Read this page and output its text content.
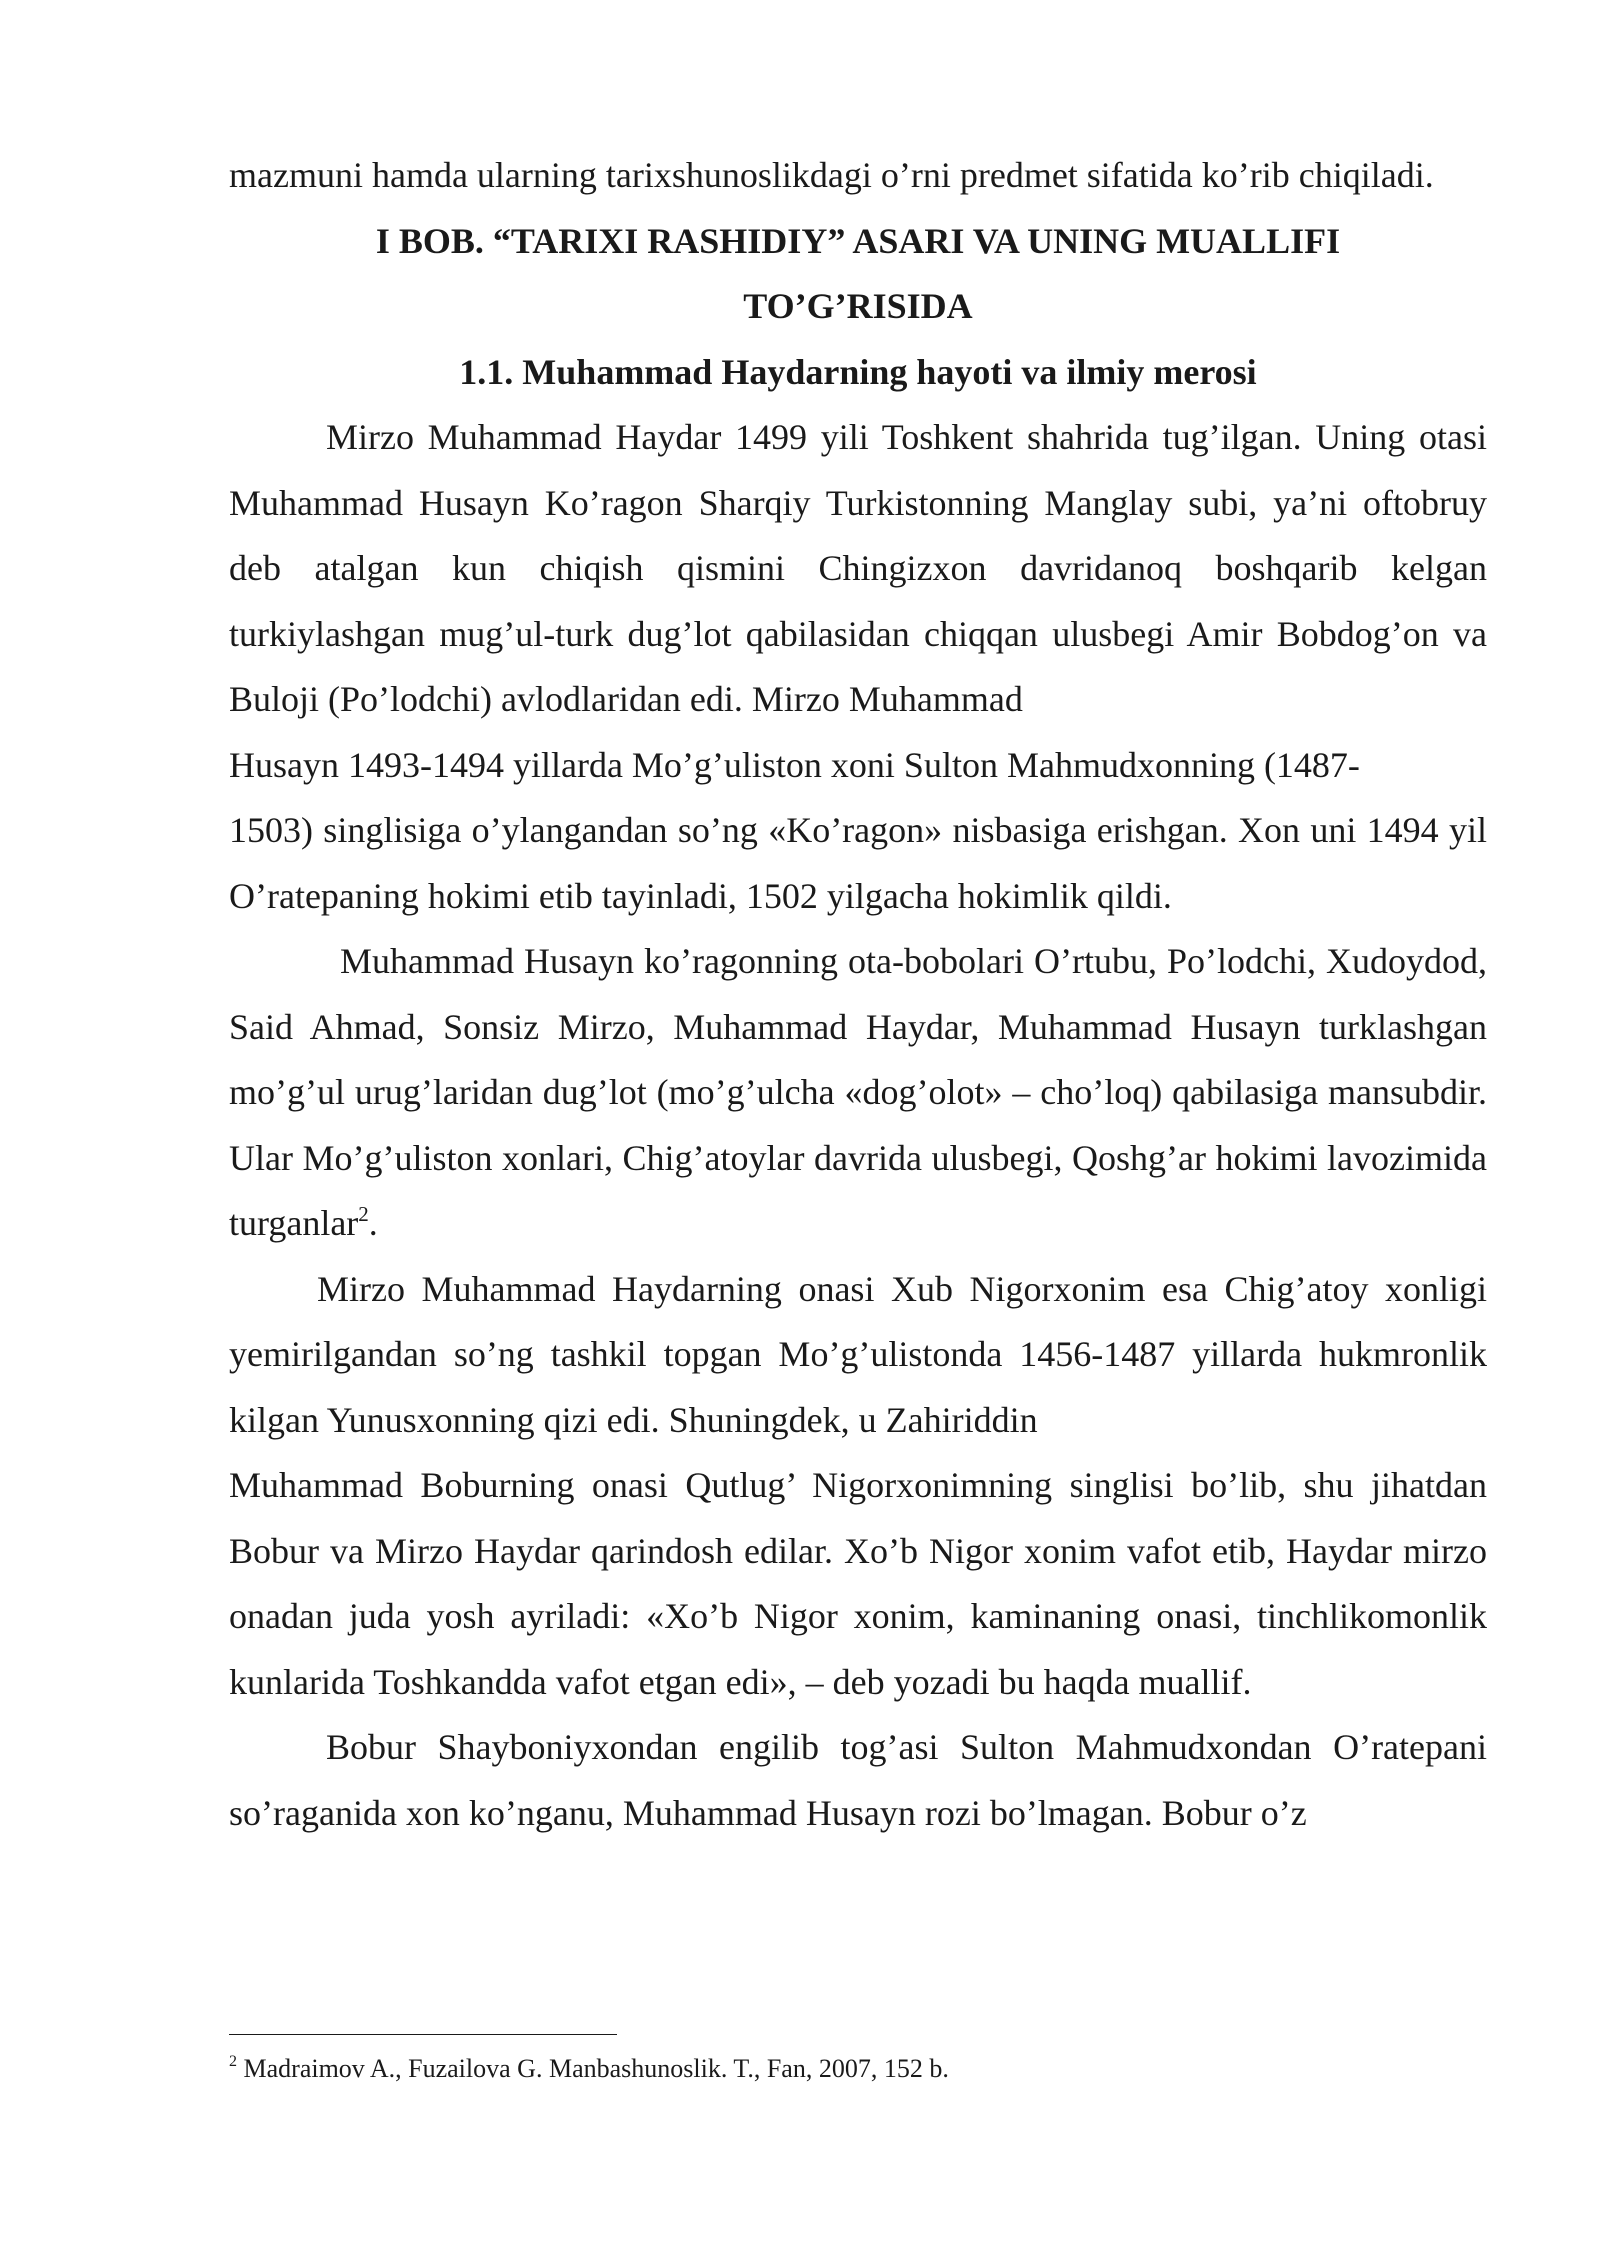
mazmuni hamda ularning tarixshunoslikdagi o’rni predmet sifatida ko’rib chiqiladi.

I BOB. “TARIXI RASHIDIY” ASARI VA UNING MUALLIFI
TO’G’RISIDA
1.1. Muhammad Haydarning hayoti va ilmiy merosi

Mirzo Muhammad Haydar 1499 yili Toshkent shahrida tug’ilgan. Uning otasi Muhammad Husayn Ko’ragon Sharqiy Turkistonning Manglay subi, ya’ni oftobruy deb atalgan kun chiqish qismini Chingizxon davridanoq boshqarib kelgan turkiylashgan mug’ul-turk dug’lot qabilasidan chiqqan ulusbegi Amir Bobdog’on va Buloji (Po’lodchi) avlodlaridan edi. Mirzo Muhammad

Husayn 1493-1494 yillarda Mo’g’uliston xoni Sulton Mahmudxonning (1487-

1503) singlisiga o’ylangandan so’ng «Ko’ragon» nisbasiga erishgan. Xon uni 1494 yil O’ratepaning hokimi etib tayinladi, 1502 yilgacha hokimlik qildi.

Muhammad Husayn ko’ragonning ota-bobolari O’rtubu, Po’lodchi, Xudoydod, Said Ahmad, Sonsiz Mirzo, Muhammad Haydar, Muhammad Husayn turklashgan mo’g’ul urug’laridan dug’lot (mo’g’ulcha «dog’olot» – cho’loq) qabilasiga mansubdir. Ular Mo’g’uliston xonlari, Chig’atoylar davrida ulusbegi, Qoshg’ar hokimi lavozimida turganlar$^2$.

Mirzo Muhammad Haydarning onasi Xub Nigorxonim esa Chig’atoy xonligi yemirilgandan so’ng tashkil topgan Mo’g’ulistonda 1456-1487 yillarda hukmronlik kilgan Yunusxonning qizi edi. Shuningdek, u Zahiriddin

Muhammad Boburning onasi Qutlug’ Nigorxonimning singlisi bo’lib, shu jihatdan Bobur va Mirzo Haydar qarindosh edilar. Xo’b Nigor xonim vafot etib, Haydar mirzo onadan juda yosh ayriladi: «Xo’b Nigor xonim, kaminaning onasi, tinchlikomonlik kunlarida Toshkandda vafot etgan edi», – deb yozadi bu haqda muallif.

Bobur Shayboniyxondan engilib tog’asi Sulton Mahmudxondan O’ratepani so’raganida xon ko’nganu, Muhammad Husayn rozi bo’lmagan. Bobur o’z

$^2$ Madraimov A., Fuzailova G. Manbashunoslik. T., Fan, 2007, 152 b.
